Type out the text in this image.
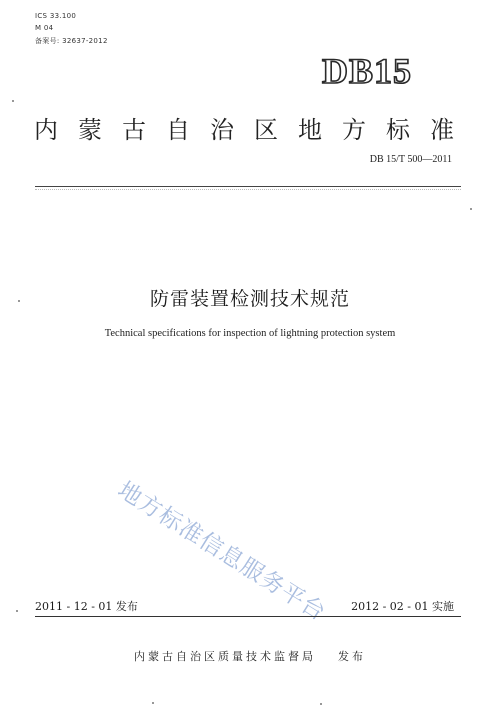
ICS 33.100
M 04
备案号: 32637-2012
DB15
内 蒙 古 自 治 区 地 方 标 准
DB 15/T 500—2011
防雷装置检测技术规范
Technical specifications for inspection of lightning protection system
地方标准信息服务平台
2011 - 12 - 01 发布	2012 - 02 - 01 实施
内蒙古自治区质量技术监督局 发布
